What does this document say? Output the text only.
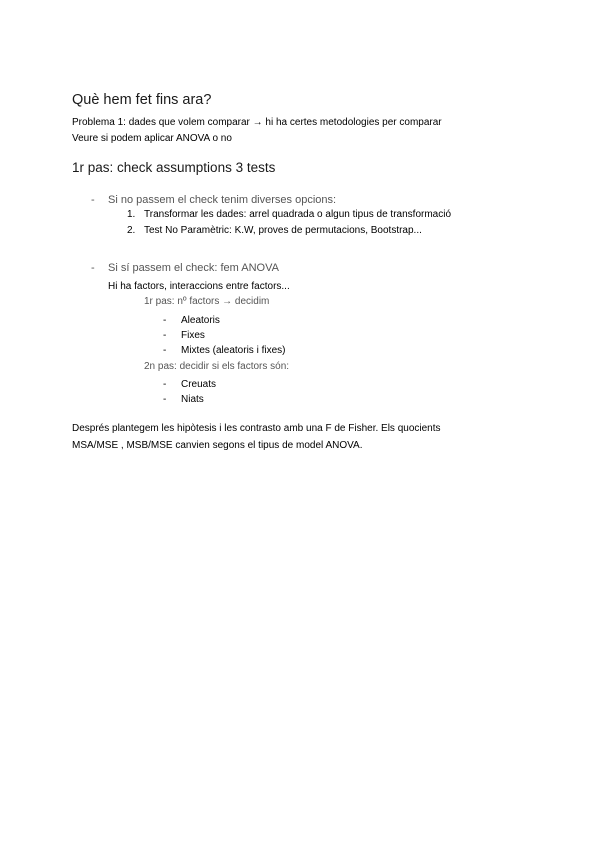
Què hem fet fins ara?
Problema 1: dades que volem comparar → hi ha certes metodologies per comparar
Veure si podem aplicar ANOVA o no
1r pas: check assumptions 3 tests
- Si no passem el check tenim diverses opcions:
1. Transformar les dades: arrel quadrada o algun tipus de transformació
2. Test No Paramètric: K.W, proves de permutacions, Bootstrap...
- Si sí passem el check: fem ANOVA
Hi ha factors, interaccions entre factors...
1r pas: nº factors → decidim
- Aleatoris
- Fixes
- Mixtes (aleatoris i fixes)
2n pas: decidir si els factors són:
- Creuats
- Niats
Després plantegem les hipòtesis i les contrasto amb una F de Fisher. Els quocients
MSA/MSE , MSB/MSE canvien segons el tipus de model ANOVA.
